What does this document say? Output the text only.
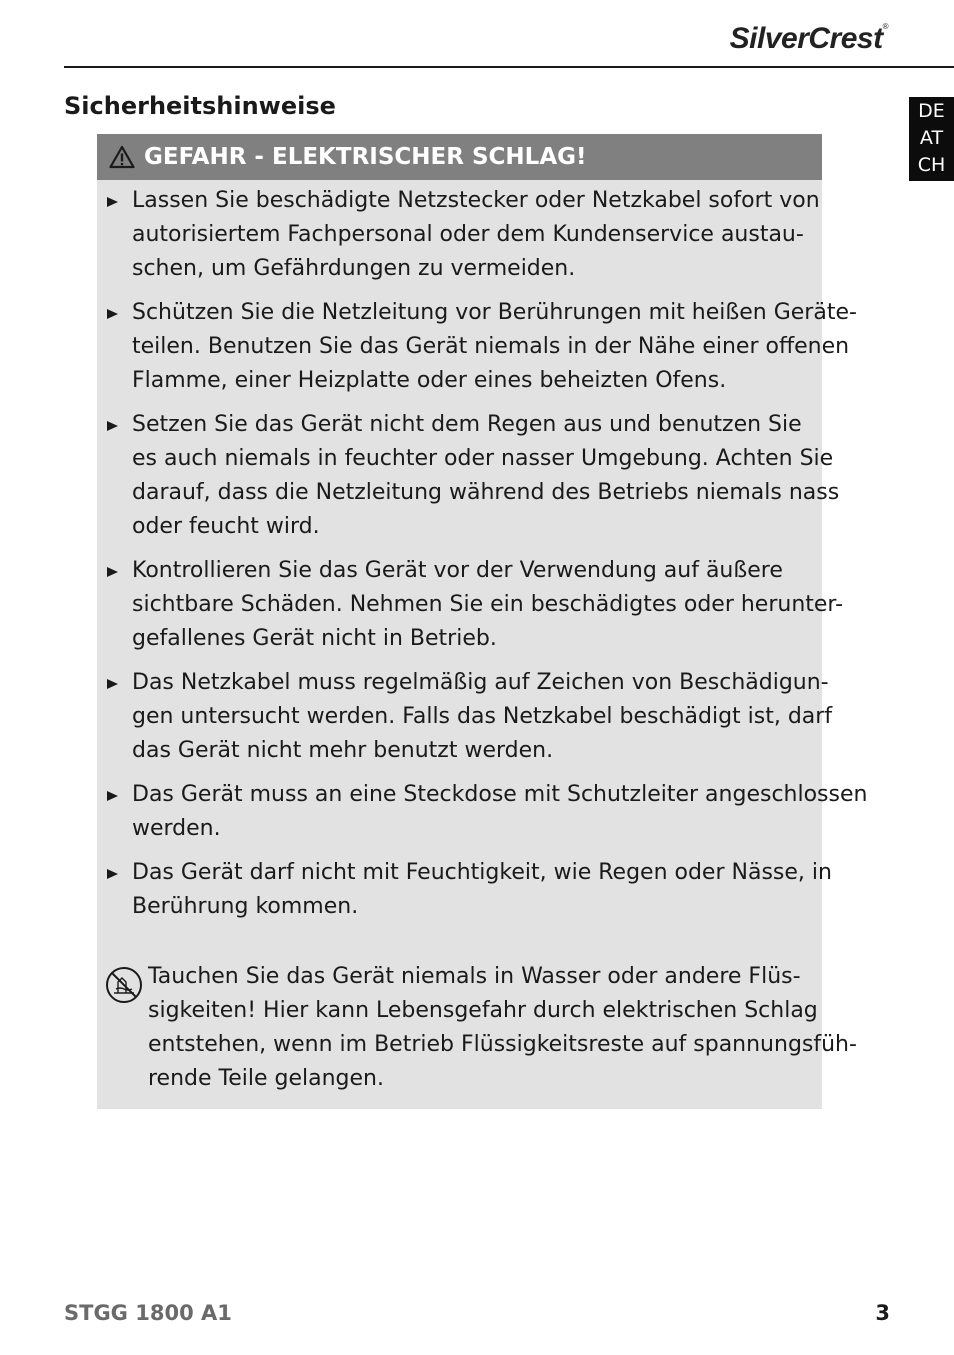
SilverCrest®
DE
AT
CH
Sicherheitshinweise
GEFAHR - ELEKTRISCHER SCHLAG!
Lassen Sie beschädigte Netzstecker oder Netzkabel sofort von
autorisiertem Fachpersonal oder dem Kundenservice austau-
schen, um Gefährdungen zu vermeiden.
Schützen Sie die Netzleitung vor Berührungen mit heißen Geräte-
teilen. Benutzen Sie das Gerät niemals in der Nähe einer offenen
Flamme, einer Heizplatte oder eines beheizten Ofens.
Setzen Sie das Gerät nicht dem Regen aus und benutzen Sie
es auch niemals in feuchter oder nasser Umgebung. Achten Sie
darauf, dass die Netzleitung während des Betriebs niemals nass
oder feucht wird.
Kontrollieren Sie das Gerät vor der Verwendung auf äußere
sichtbare Schäden. Nehmen Sie ein beschädigtes oder herunter-
gefallenes Gerät nicht in Betrieb.
Das Netzkabel muss regelmäßig auf Zeichen von Beschädigun-
gen untersucht werden. Falls das Netzkabel beschädigt ist, darf
das Gerät nicht mehr benutzt werden.
Das Gerät muss an eine Steckdose mit Schutzleiter angeschlossen
werden.
Das Gerät darf nicht mit Feuchtigkeit, wie Regen oder Nässe, in
Berührung kommen.
Tauchen Sie das Gerät niemals in Wasser oder andere Flüs-
sigkeiten! Hier kann Lebensgefahr durch elektrischen Schlag
entstehen, wenn im Betrieb Flüssigkeitsreste auf spannungsfüh-
rende Teile gelangen.
STGG 1800 A1	3
